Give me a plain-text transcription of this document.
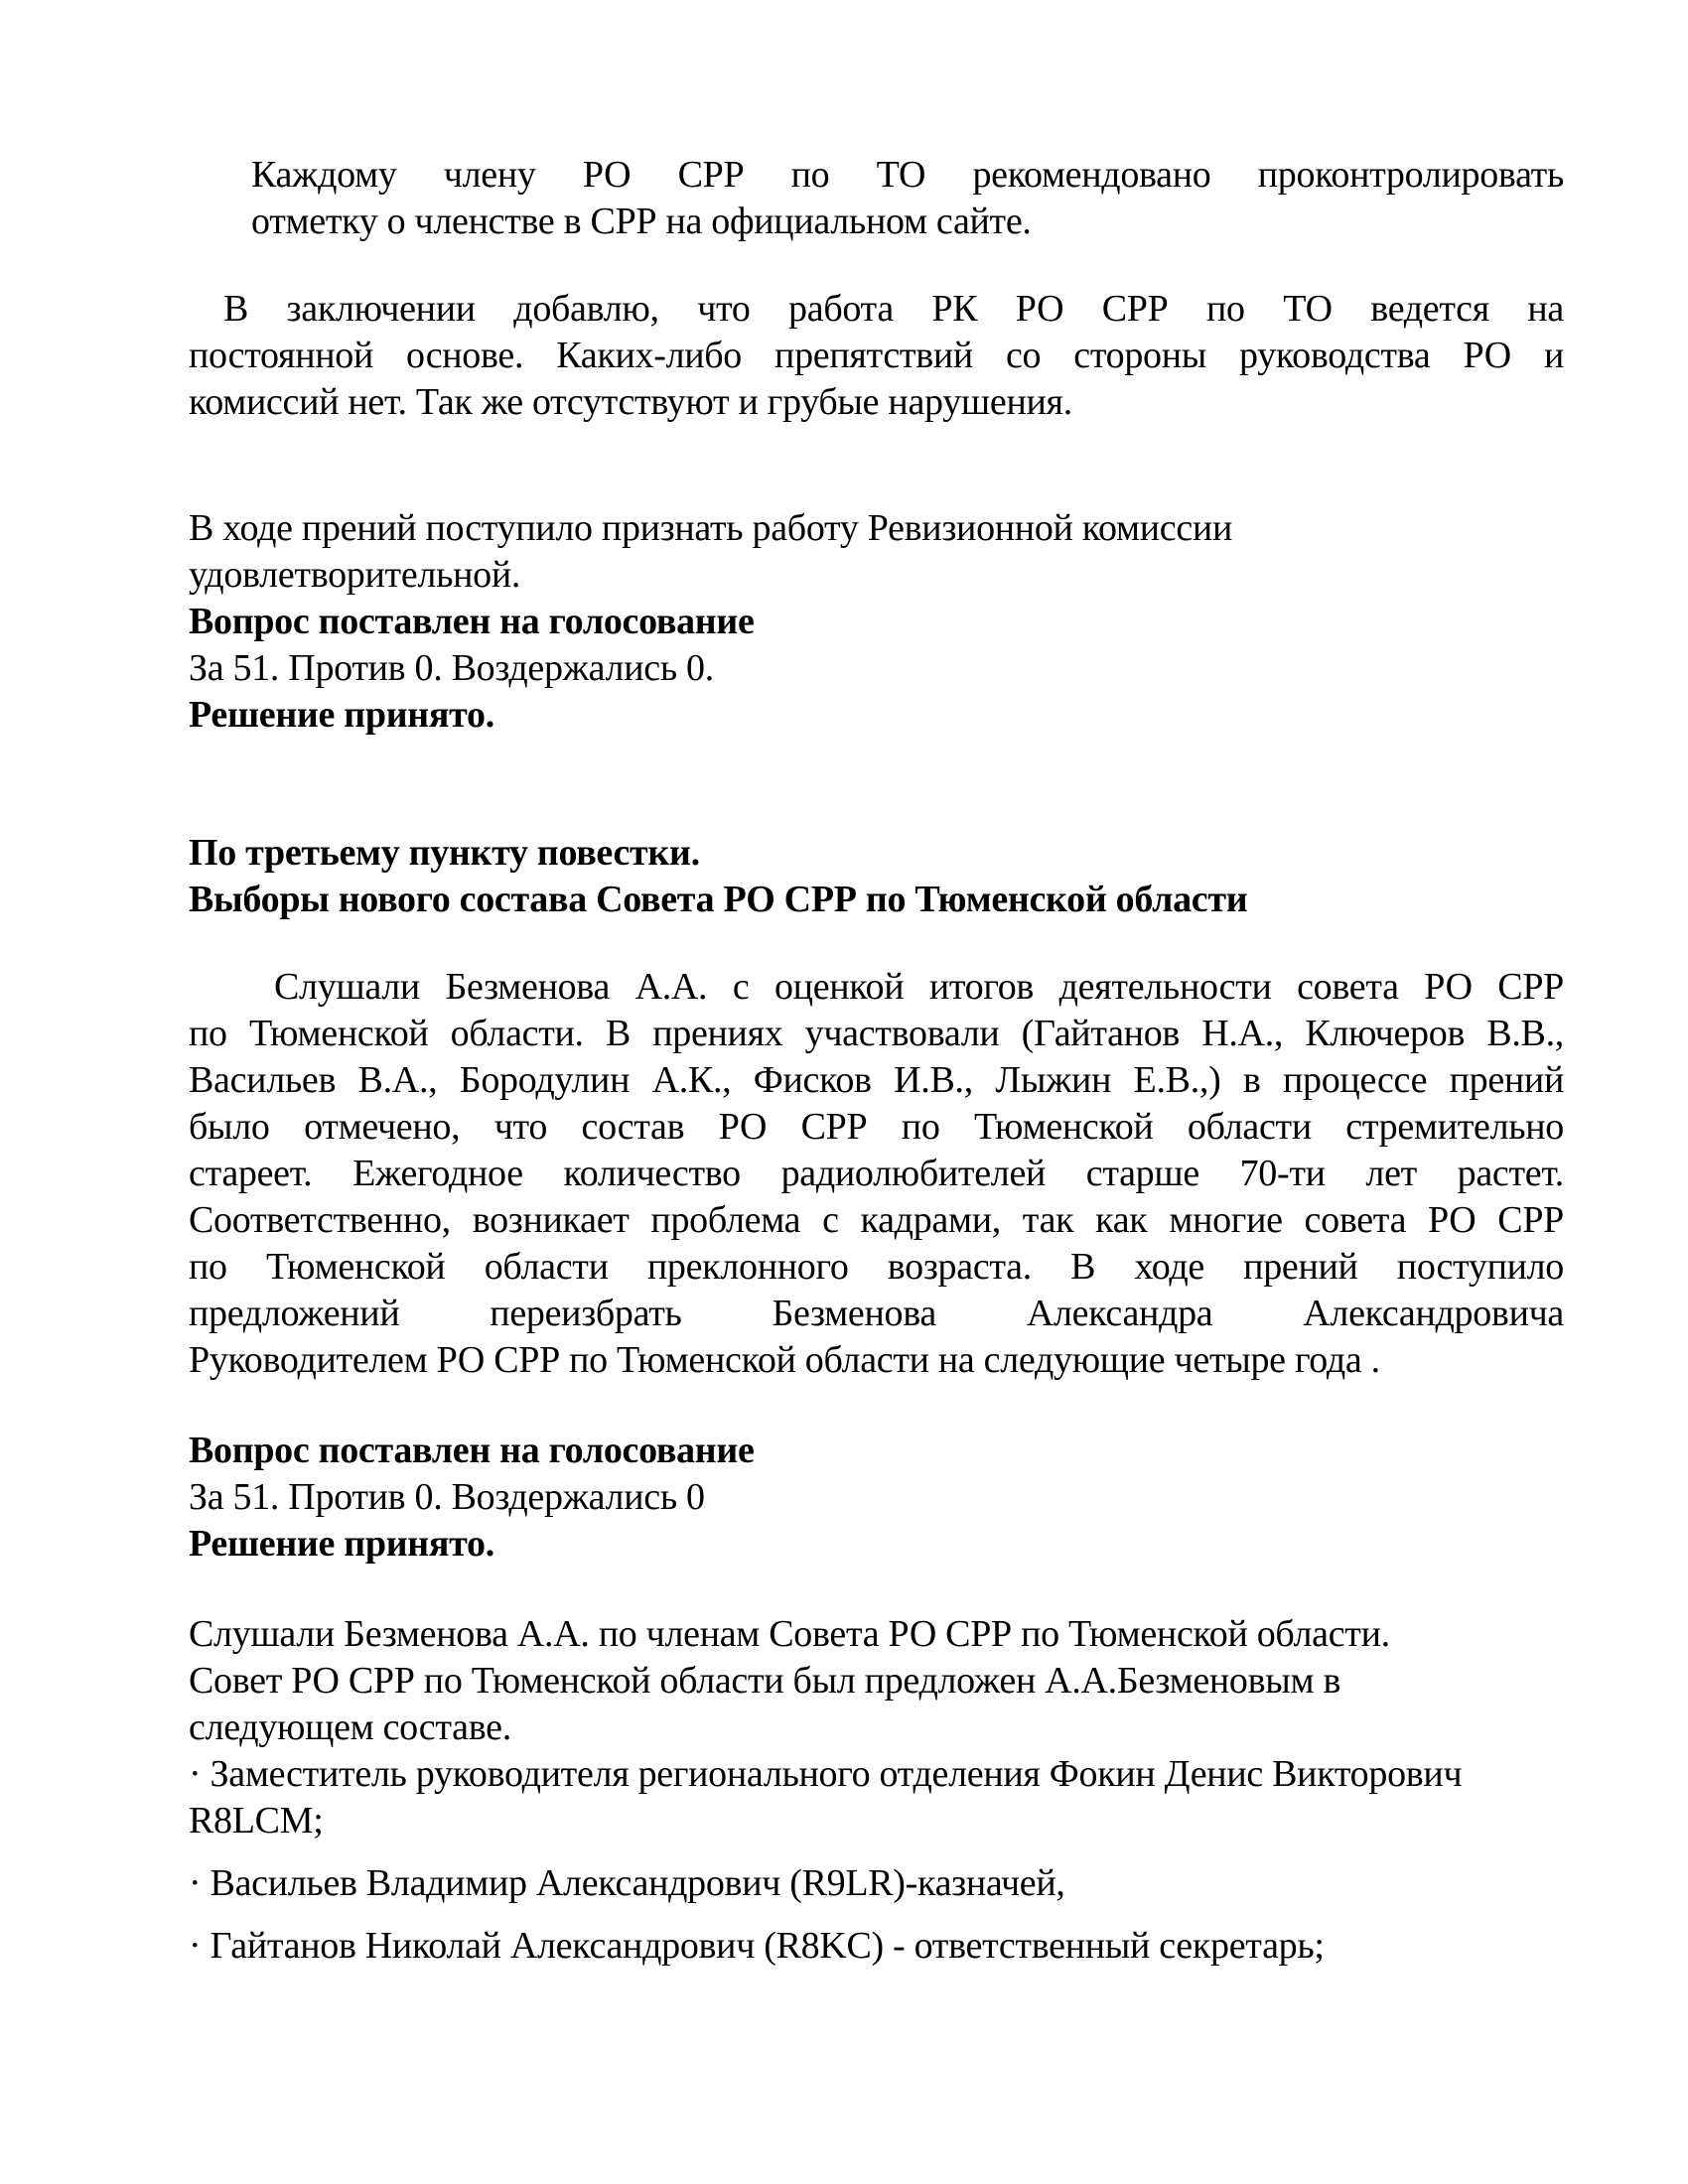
Каждому члену РО СРР по ТО рекомендовано проконтролировать
отметку о членстве в СРР на официальном сайте.
В заключении добавлю, что работа РК РО СРР по ТО ведется на
постоянной основе. Каких-либо препятствий со стороны руководства РО и
комиссий нет. Так же отсутствуют и грубые нарушения.
В ходе прений поступило признать работу Ревизионной комиссии
удовлетворительной.
Вопрос поставлен на голосование
За 51. Против 0. Воздержались 0.
Решение принято.
По третьему пункту повестки.
Выборы нового состава Совета РО СРР по Тюменской области
Слушали Безменова А.А. с оценкой итогов деятельности совета РО СРР
по Тюменской области. В прениях участвовали (Гайтанов Н.А., Ключеров В.В.,
Васильев В.А., Бородулин А.К., Фисков И.В., Лыжин Е.В.,) в процессе прений
было отмечено, что состав РО СРР по Тюменской области стремительно
стареет. Ежегодное количество радиолюбителей старше 70-ти лет растет.
Соответственно, возникает проблема с кадрами, так как многие совета РО СРР
по Тюменской области преклонного возраста. В ходе прений поступило
предложений переизбрать Безменова Александра Александровича
Руководителем РО СРР по Тюменской области на следующие четыре года .
Вопрос поставлен на голосование
За 51. Против 0. Воздержались 0
Решение принято.
Слушали Безменова А.А. по членам Совета РО СРР по Тюменской области.
Совет РО СРР по Тюменской области был предложен А.А.Безменовым в
следующем составе.
· Заместитель руководителя регионального отделения Фокин Денис Викторович
R8LCM;
· Васильев Владимир Александрович (R9LR)-казначей,
· Гайтанов Николай Александрович (R8KC) - ответственный секретарь;
